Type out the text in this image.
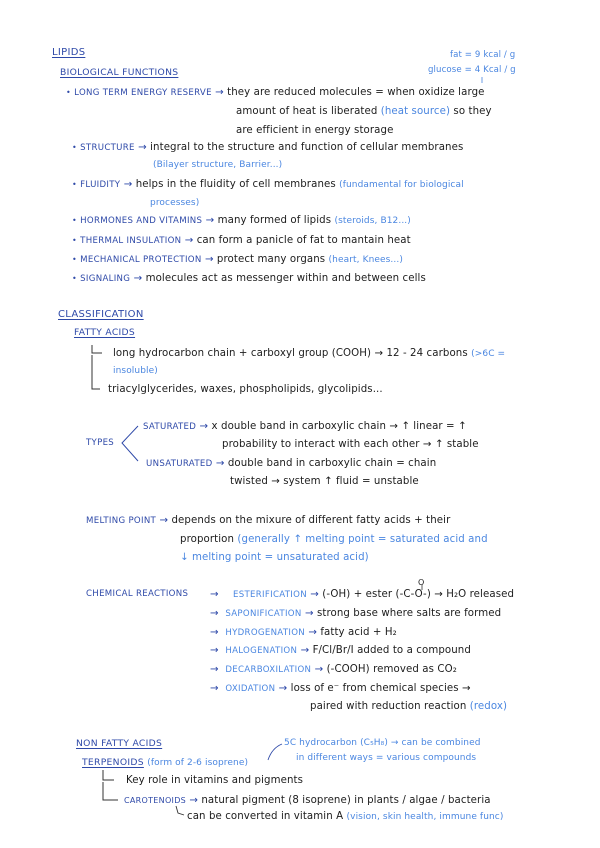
LIPIDS	fat = 9 kcal / g
glucose = 4 Kcal / g
BIOLOGICAL FUNCTIONS
• LONG TERM ENERGY RESERVE → they are reduced molecules = when oxidize large
amount of heat is liberated (heat source) so they
are efficient in energy storage
• STRUCTURE → integral to the structure and function of cellular membranes
(Bilayer structure, Barrier...)
• FLUIDITY → helps in the fluidity of cell membranes (fundamental for biological
processes)
• HORMONES AND VITAMINS → many formed of lipids (steroids, B12...)
• THERMAL INSULATION → can form a panicle of fat to mantain heat
• MECHANICAL PROTECTION → protect many organs (heart, Knees...)
• SIGNALING → molecules act as messenger within and between cells
CLASSIFICATION
FATTY ACIDS
long hydrocarbon chain + carboxyl group (COOH) → 12 - 24 carbons (>6C =
insoluble)
triacylglycerides, waxes, phospholipids, glycolipids...
TYPES
SATURATED → x double band in carboxylic chain → ↑ linear = ↑
probability to interact with each other → ↑ stable
UNSATURATED → double band in carboxylic chain = chain
twisted → system ↑ fluid = unstable
MELTING POINT → depends on the mixure of different fatty acids + their
proportion (generally ↑ melting point = saturated acid and
↓ melting point = unsaturated acid)
CHEMICAL REACTIONS → ESTERIFICATION → (-OH) + ester (-C-O-) → H₂O released
O
→ SAPONIFICATION → strong base where salts are formed
→ HYDROGENATION → fatty acid + H₂
→ HALOGENATION → F/Cl/Br/I added to a compound
→ DECARBOXILATION → (-COOH) removed as CO₂
→ OXIDATION → loss of e⁻ from chemical species →
paired with reduction reaction (redox)
NON FATTY ACIDS	5C hydrocarbon (C₅H₈) → can be combined
in different ways = various compounds
TERPENOIDS (form of 2-6 isoprene)
Key role in vitamins and pigments
CAROTENOIDS → natural pigment (8 isoprene) in plants / algae / bacteria
can be converted in vitamin A (vision, skin health, immune func)
